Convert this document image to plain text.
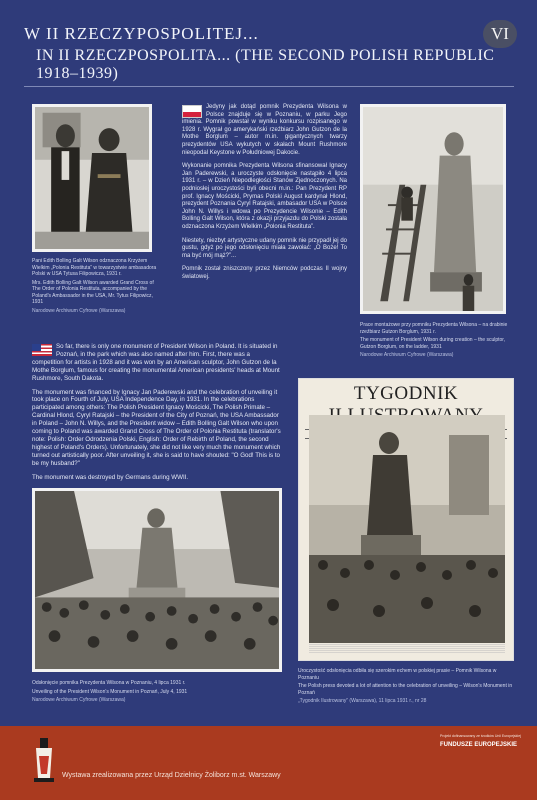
W II RZECZYPOSPOLITEJ...
IN II RZECZPOSPOLITA... (THE SECOND POLISH REPUBLIC 1918–1939)
VI

Pani Edith Bolling Galt Wilson odznaczona Krzyżem Wielkim „Polonia Restituta” w towarzystwie ambasadora Polski w USA Tytusa Filipowicza, 1931 r.

Mrs. Edith Bolling Galt Wilson awarded Grand Cross of The Order of Polonia Restituta, accompanied by the Poland's Ambassador in the USA, Mr. Tytus Filipowicz, 1931

Narodowe Archiwum Cyfrowe (Warszawa)

Jedyny jak dotąd pomnik Prezydenta Wilsona w Polsce znajduje się w Poznaniu, w parku Jego imienia. Pomnik powstał w wyniku konkursu rozpisanego w 1928 r. Wygrał go amerykański rzeźbiarz John Gutzon de la Mothe Borglum – autor m.in. gigantycznych twarzy prezydentów USA wykutych w skałach Mount Rushmore nieopodal Keystone w Południowej Dakocie.

Wykonanie pomnika Prezydenta Wilsona sfinansował Ignacy Jan Paderewski, a uroczyste odsłonięcie nastąpiło 4 lipca 1931 r. – w Dzień Niepodległości Stanów Zjednoczonych. Na podniosłej uroczystości byli obecni m.in.: Pan Prezydent RP prof. Ignacy Mościcki, Prymas Polski August kardynał Hlond, prezydent Poznania Cyryl Ratajski, ambasador USA w Polsce John N. Willys i wdowa po Prezydencie Wilsonie – Edith Bolling Galt Wilson, która z okazji przyjazdu do Polski została odznaczona Krzyżem Wielkim „Polonia Restituta”.

Niestety, niezbyt artystyczne udany pomnik nie przypadł jej do gustu, gdyż po jego odsłonięciu miała zawołać: „O Boże! To ma być mój mąż?”...

Pomnik został zniszczony przez Niemców podczas II wojny światowej.

Prace montażowe przy pomniku Prezydenta Wilsona – na drabinie rzeźbiarz Gutzon Borglum, 1931 r.

The monument of President Wilson during creation – the sculptor, Gutzon Borglum, on the ladder, 1931

Narodowe Archiwum Cyfrowe (Warszawa)

So far, there is only one monument of President Wilson in Poland. It is situated in Poznań, in the park which was also named after him. First, there was a competition for artists in 1928 and it was won by an American sculptor, John Gutzon de la Mothe Borglum, famous for creating the monumental American presidents' heads at Mount Rushmore, South Dakota.

The monument was financed by Ignacy Jan Paderewski and the celebration of unveiling it took place on Fourth of July, USA Independence Day, in 1931. In the celebrations participated among others: The Polish President Ignacy Mościcki, The Polish Primate – Cardinal Hlond, Cyryl Ratajski – the President of the City of Poznań, the USA Ambassador in Poland – John N. Willys, and the President widow – Edith Bolling Galt Wilson who upon coming to Poland was awarded Grand Cross of The Order of Polonia Restituta (translator's note: Polish: Order Odrodzenia Polski, English: Order of Rebirth of Poland, the second highest of Poland's Orders). Unfortunately, she did not like very much the monument which turned out artistically poor. After unveiling it, she is said to have shouted: "O God! This is to be my husband?"

The monument was destroyed by Germans during WWII.

Odsłonięcie pomnika Prezydenta Wilsona w Poznaniu, 4 lipca 1931 r.

Unveiling of the President Wilson's Monument in Poznań, July 4, 1931

Narodowe Archiwum Cyfrowe (Warszawa)

TYGODNIK

Uroczystość odsłonięcia odbiła się szerokim echem w polskiej prasie – Pomnik Wilsona w Poznaniu

The Polish press devoted a lot of attention to the celebration of unveiling – Wilson's Monument in Poznań

„Tygodnik Ilustrowany” (Warszawa), 11 lipca 1931 r., nr 28

Wystawa zrealizowana przez Urząd Dzielnicy Żoliborz m.st. Warszawy
Projekt dofinansowany ze środków Unii Europejskiej
FUNDUSZE EUROPEJSKIE
